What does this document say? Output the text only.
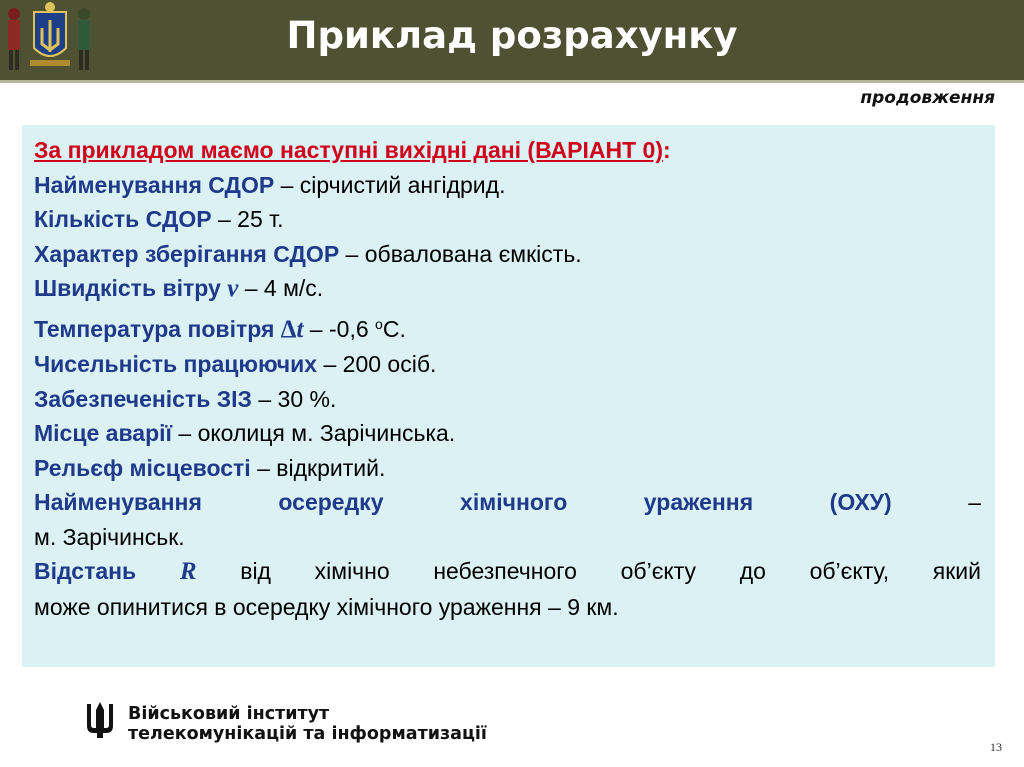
Приклад розрахунку
продовження
За прикладом маємо наступні вихідні дані (ВАРІАНТ 0):
Найменування СДОР – сірчистий ангідрид.
Кількість СДОР – 25 т.
Характер зберігання СДОР – обвалована ємкість.
Швидкість вітру v – 4 м/с.
Температура повітря Δt – -0,6 $^о$С.
Чисельність працюючих – 200 осіб.
Забезпеченість ЗІЗ – 30 %.
Місце аварії – околиця м. Зарічинська.
Рельєф місцевості – відкритий.
Найменування осередку хімічного ураження (ОХУ) –
м. Зарічинськ.
Відстань R від хімічно небезпечного об’єкту до об’єкту, який
може опинитися в осередку хімічного ураження – 9 км.
Військовий інститут
телекомунікацій та інформатизації
13
